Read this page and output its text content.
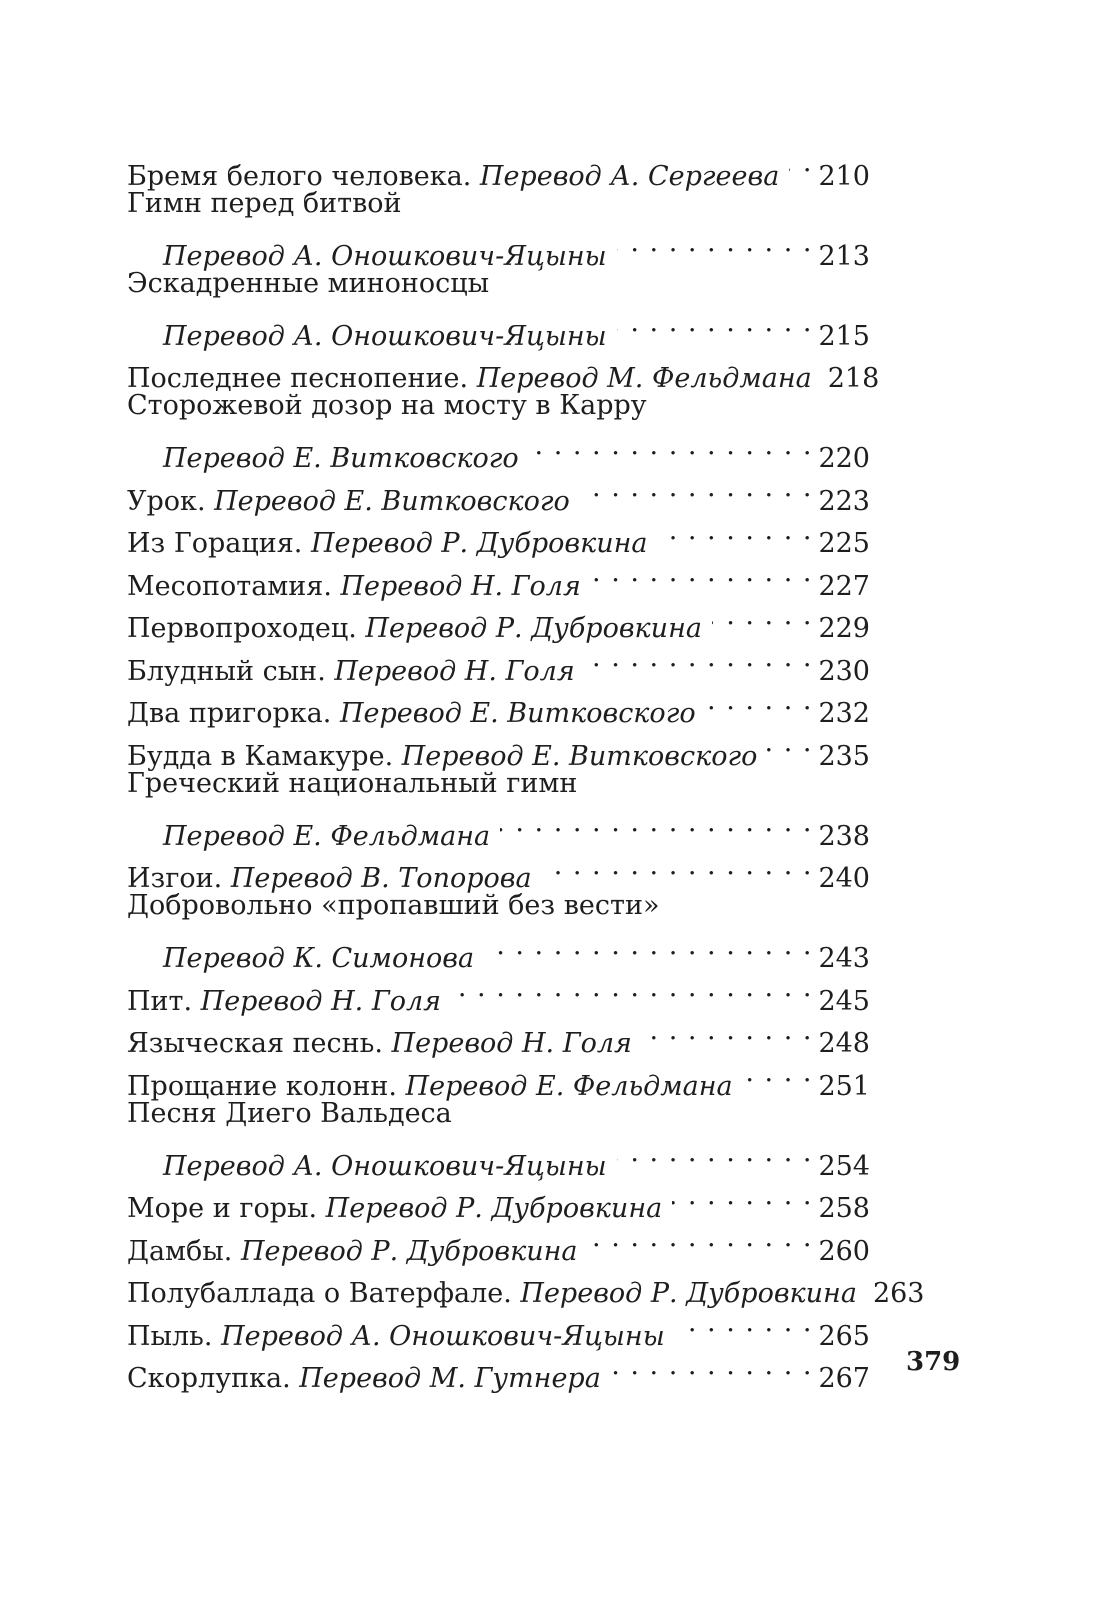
Бремя белого человека . Перевод А. Сергеева . . . 210
Гимн перед битвой
Перевод А. Оношкович-Яцыны . . .	213
Эскадренные миноносцы
Перевод А. Оношкович-Яцыны . . .	215
Последнее песнопение . Перевод М. Фельдмана 218
Сторожевой дозор на мосту в Карру
Перевод Е. Витковского . . .	220
Урок . Перевод Е. Витковского . . .	223
Из Горация . Перевод Р. Дубровкина . . .	225
Месопотамия . Перевод Н. Голя . . .	227
Первопроходец . Перевод Р. Дубровкина . . .	229
Блудный сын . Перевод Н. Голя . . .	230
Два пригорка . Перевод Е. Витковского . . .	232
Будда в Камакуре . Перевод Е. Витковского . . . 235
Греческий национальный гимн
Перевод Е. Фельдмана . . .	238
Изгои . Перевод В. Топорова . . .	240
Добровольно «пропавший без вести»
Перевод К. Симонова . . .	243
Пит . Перевод Н. Голя . . .	245
Языческая песнь . Перевод Н. Голя . . .	248
Прощание колонн . Перевод Е. Фельдмана . . .	251
Песня Диего Вальдеса
Перевод А. Оношкович-Яцыны . . .	254
Море и горы . Перевод Р. Дубровкина . . .	258
Дамбы . Перевод Р. Дубровкина . . .	260
Полубаллада о Ватерфале . Перевод Р. Дубровкина 263
Пыль . Перевод А. Оношкович-Яцыны . . .	265
Скорлупка . Перевод М. Гутнера . . .	267
379
